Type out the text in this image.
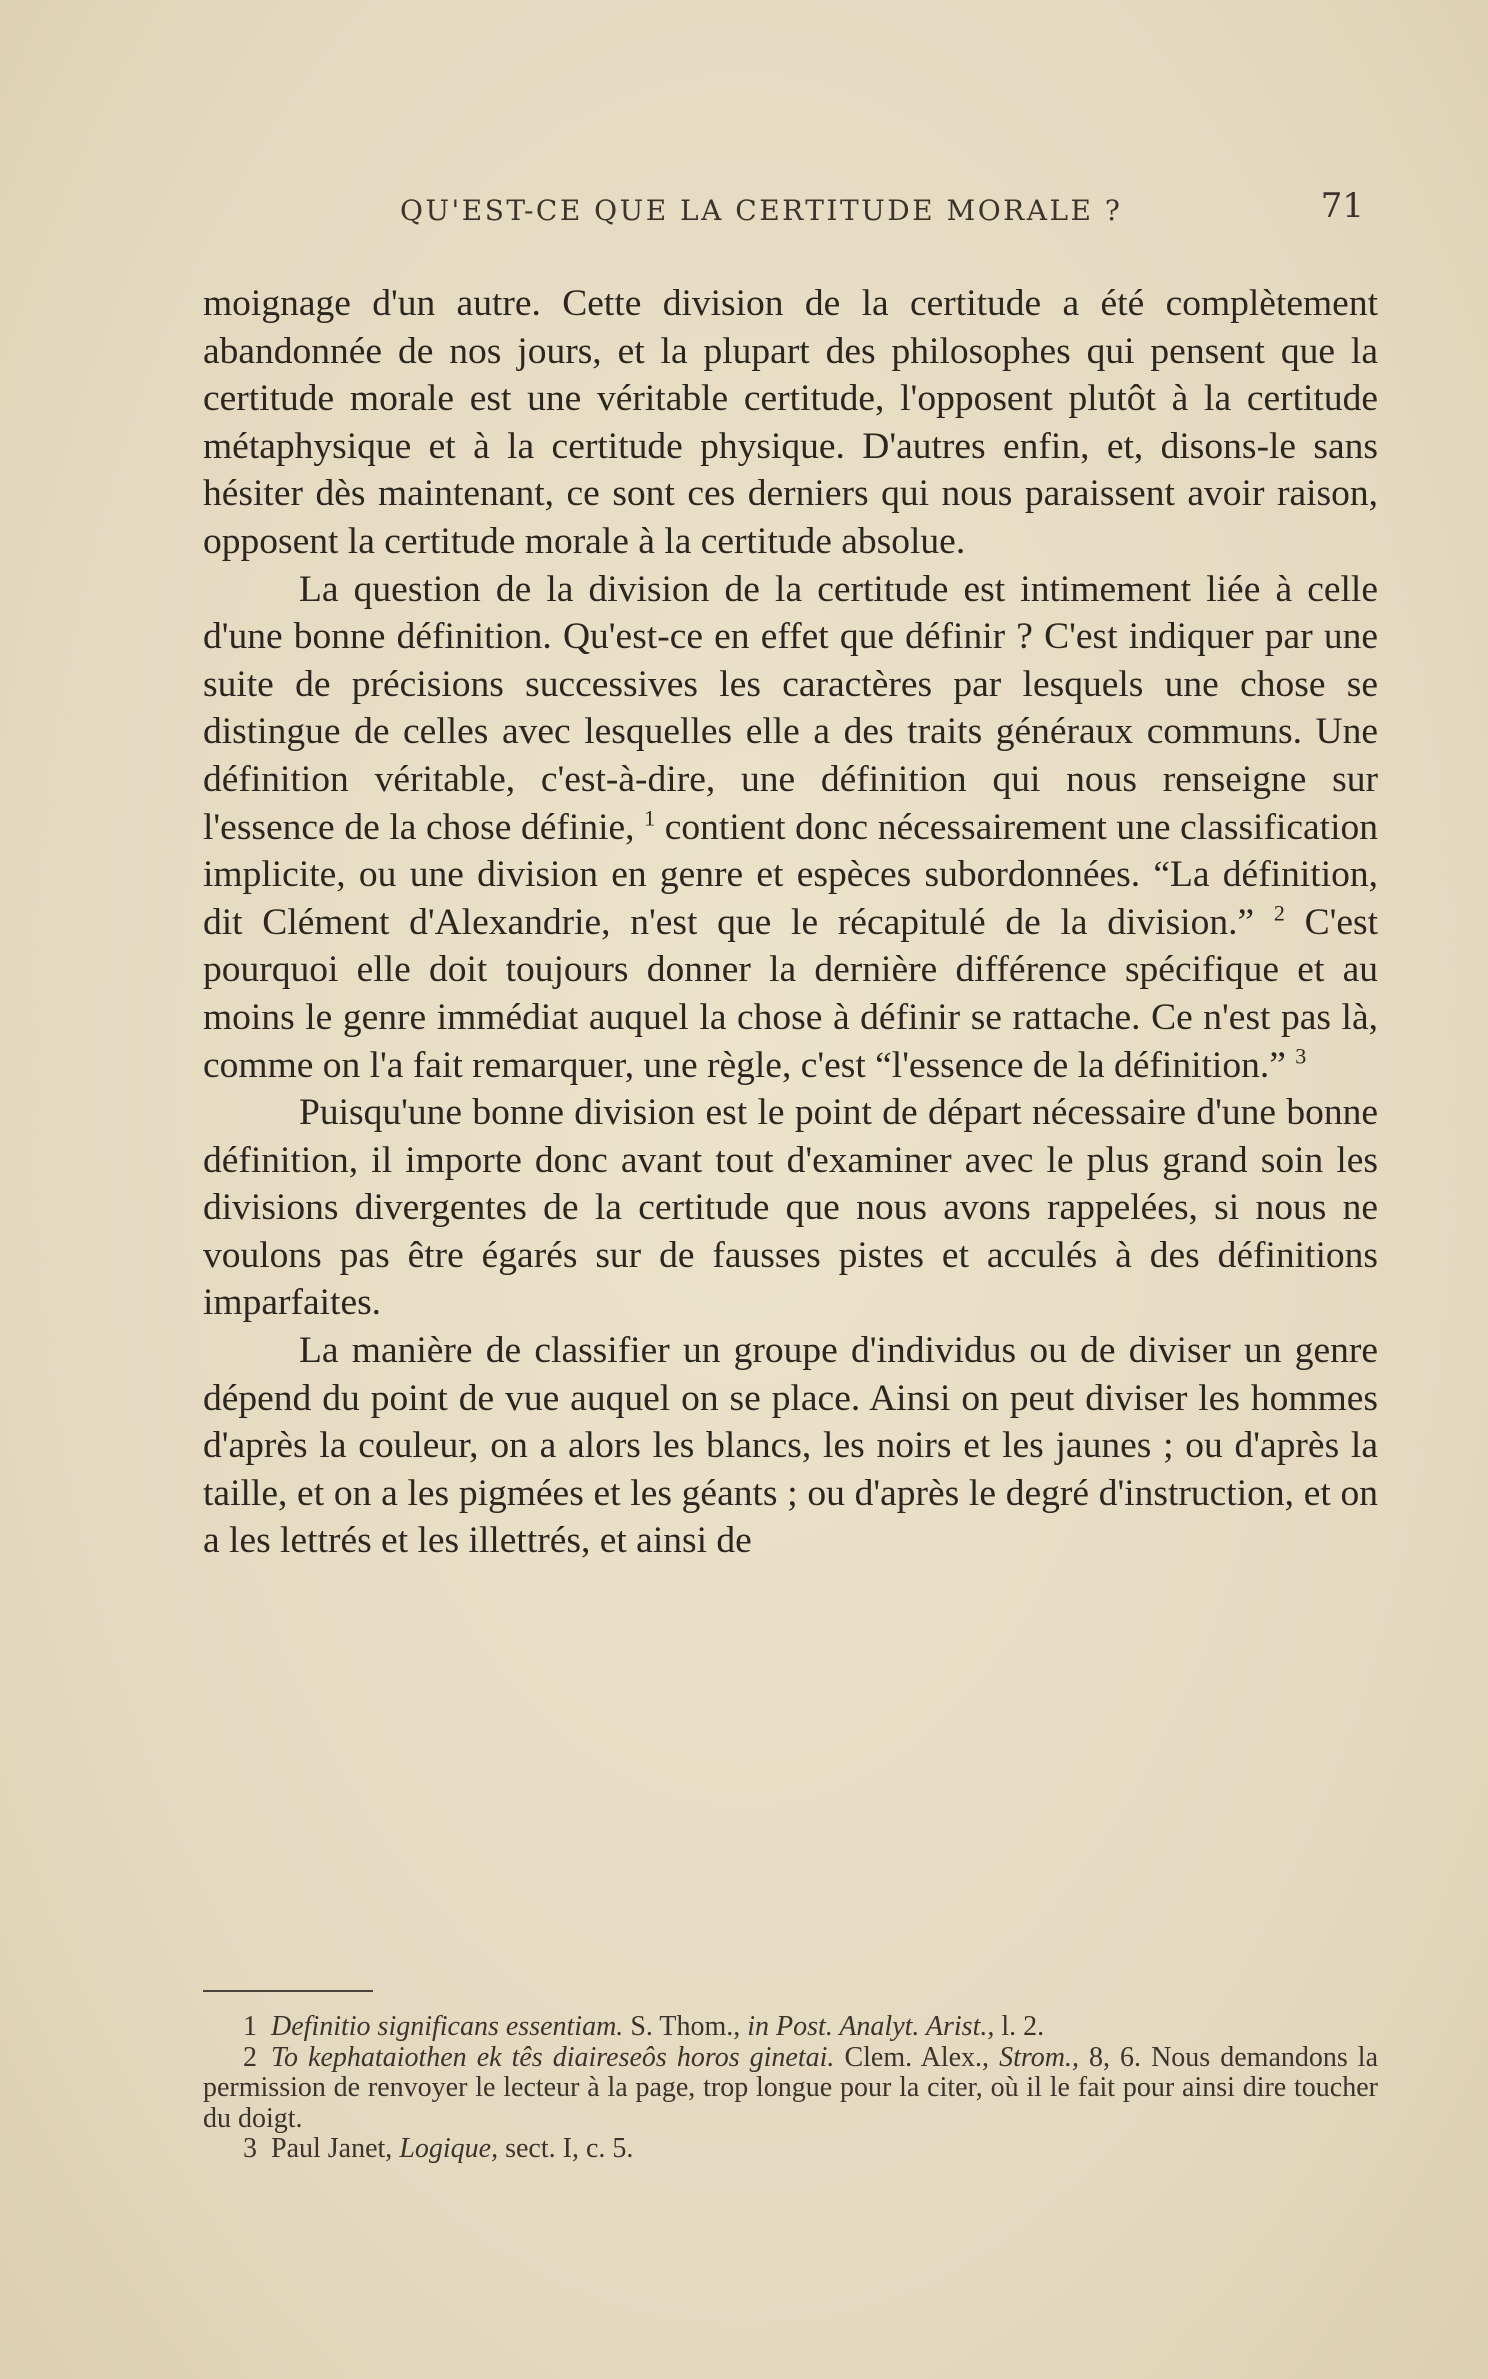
QU'EST-CE QUE LA CERTITUDE MORALE ?	71

moignage d'un autre. Cette division de la certitude a été complètement abandonnée de nos jours, et la plupart des philosophes qui pensent que la certitude morale est une véritable certitude, l'opposent plutôt à la certitude métaphysique et à la certitude physique. D'autres enfin, et, disons-le sans hésiter dès maintenant, ce sont ces derniers qui nous paraissent avoir raison, opposent la certitude morale à la certitude absolue.

La question de la division de la certitude est intimement liée à celle d'une bonne définition. Qu'est-ce en effet que définir ? C'est indiquer par une suite de précisions successives les caractères par lesquels une chose se distingue de celles avec lesquelles elle a des traits généraux communs. Une définition véritable, c'est-à-dire, une définition qui nous renseigne sur l'essence de la chose définie, $^1$ contient donc nécessairement une classification implicite, ou une division en genre et espèces subordonnées. “La définition, dit Clément d'Alexandrie, n'est que le récapitulé de la division.” $^2$ C'est pourquoi elle doit toujours donner la dernière différence spécifique et au moins le genre immédiat auquel la chose à définir se rattache. Ce n'est pas là, comme on l'a fait remarquer, une règle, c'est “l'essence de la définition.” $^3$

Puisqu'une bonne division est le point de départ nécessaire d'une bonne définition, il importe donc avant tout d'examiner avec le plus grand soin les divisions divergentes de la certitude que nous avons rappelées, si nous ne voulons pas être égarés sur de fausses pistes et acculés à des définitions imparfaites.

La manière de classifier un groupe d'individus ou de diviser un genre dépend du point de vue auquel on se place. Ainsi on peut diviser les hommes d'après la couleur, on a alors les blancs, les noirs et les jaunes ; ou d'après la taille, et on a les pigmées et les géants ; ou d'après le degré d'instruction, et on a les lettrés et les illettrés, et ainsi de

1 Definitio significans essentiam. S. Thom., in Post. Analyt. Arist., l. 2.

2 To kephataiothen ek tês diaireseôs horos ginetai. Clem. Alex., Strom., 8, 6. Nous demandons la permission de renvoyer le lecteur à la page, trop longue pour la citer, où il le fait pour ainsi dire toucher du doigt.

3 Paul Janet, Logique, sect. I, c. 5.
